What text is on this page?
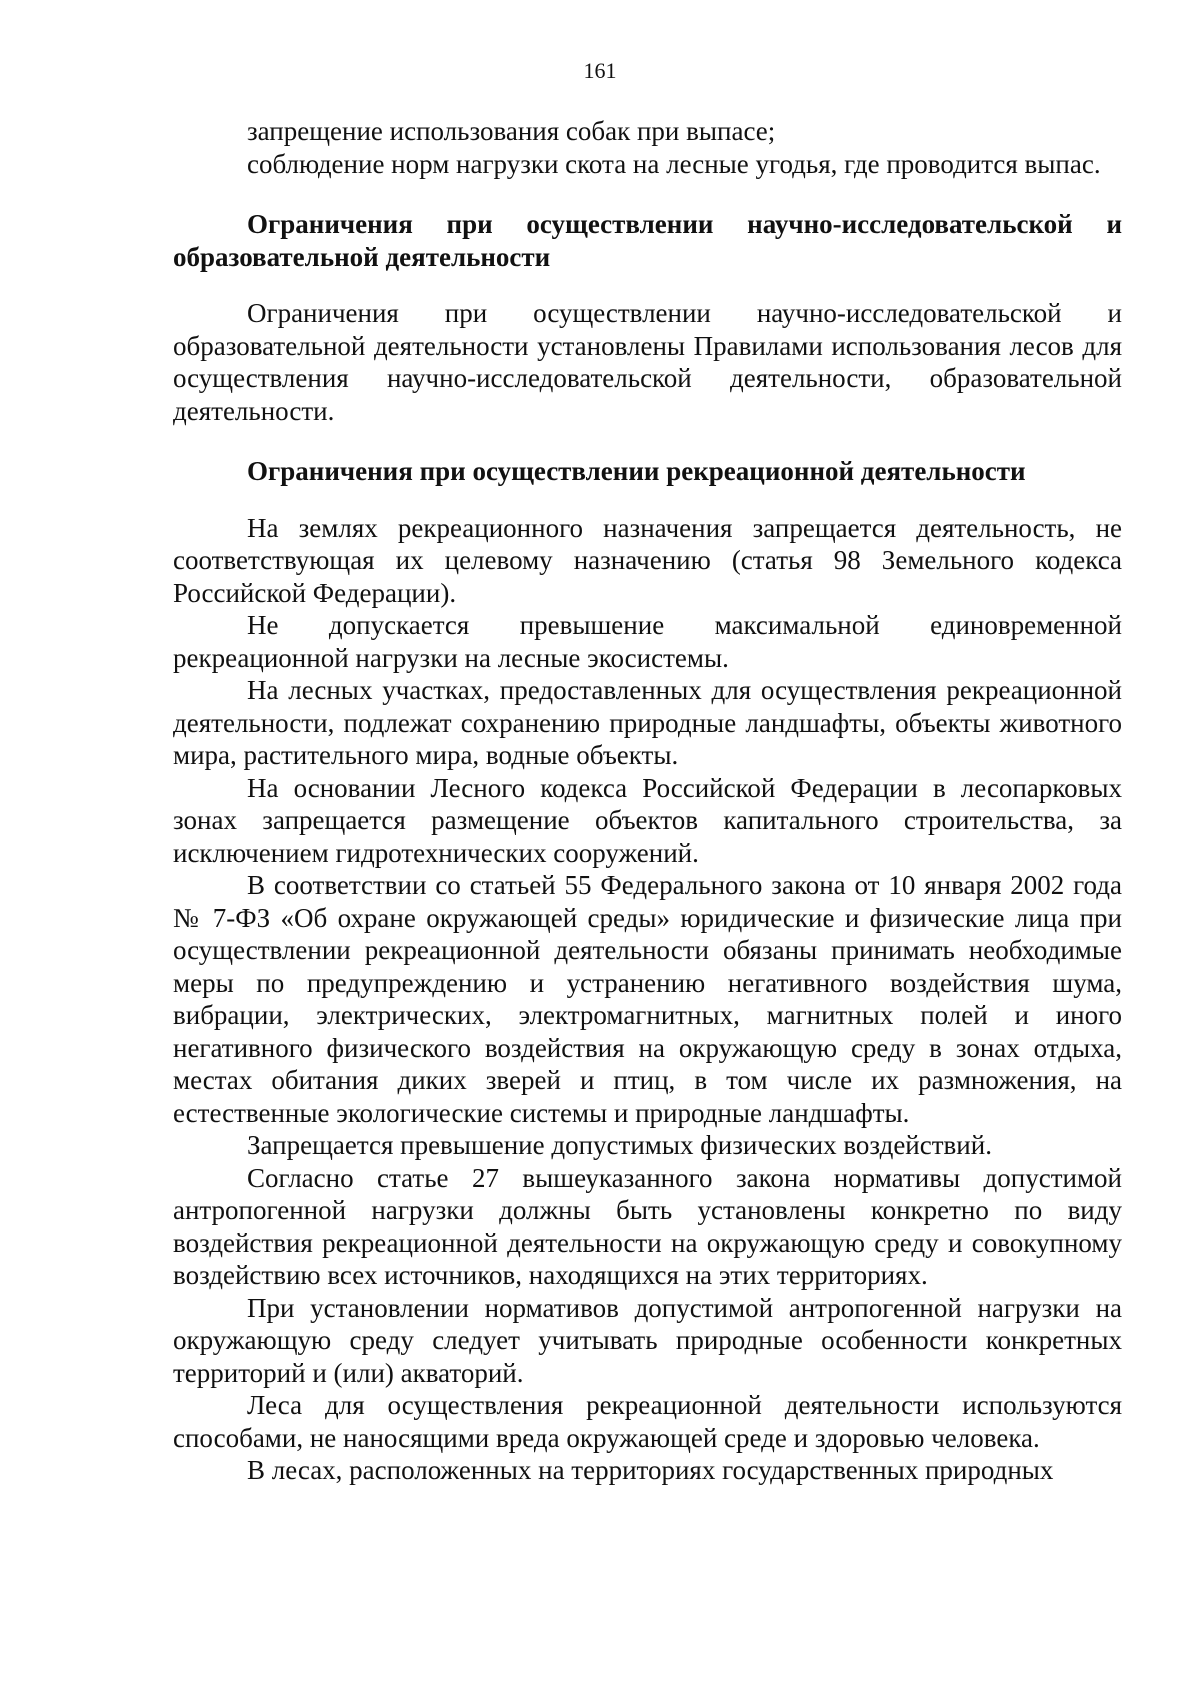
161

запрещение использования собак при выпасе;

соблюдение норм нагрузки скота на лесные угодья, где проводится выпас.

Ограничения при осуществлении научно-исследовательской и образовательной деятельности

Ограничения при осуществлении научно-исследовательской и образовательной деятельности установлены Правилами использования лесов для осуществления научно-исследовательской деятельности, образовательной деятельности.

Ограничения при осуществлении рекреационной деятельности

На землях рекреационного назначения запрещается деятельность, не соответствующая их целевому назначению (статья 98 Земельного кодекса Российской Федерации).

Не допускается превышение максимальной единовременной рекреационной нагрузки на лесные экосистемы.

На лесных участках, предоставленных для осуществления рекреационной деятельности, подлежат сохранению природные ландшафты, объекты животного мира, растительного мира, водные объекты.

На основании Лесного кодекса Российской Федерации в лесопарковых зонах запрещается размещение объектов капитального строительства, за исключением гидротехнических сооружений.

В соответствии со статьей 55 Федерального закона от 10 января 2002 года № 7-ФЗ «Об охране окружающей среды» юридические и физические лица при осуществлении рекреационной деятельности обязаны принимать необходимые меры по предупреждению и устранению негативного воздействия шума, вибрации, электрических, электромагнитных, магнитных полей и иного негативного физического воздействия на окружающую среду в зонах отдыха, местах обитания диких зверей и птиц, в том числе их размножения, на естественные экологические системы и природные ландшафты.

Запрещается превышение допустимых физических воздействий.

Согласно статье 27 вышеуказанного закона нормативы допустимой антропогенной нагрузки должны быть установлены конкретно по виду воздействия рекреационной деятельности на окружающую среду и совокупному воздействию всех источников, находящихся на этих территориях.

При установлении нормативов допустимой антропогенной нагрузки на окружающую среду следует учитывать природные особенности конкретных территорий и (или) акваторий.

Леса для осуществления рекреационной деятельности используются способами, не наносящими вреда окружающей среде и здоровью человека.

В лесах, расположенных на территориях государственных природных
